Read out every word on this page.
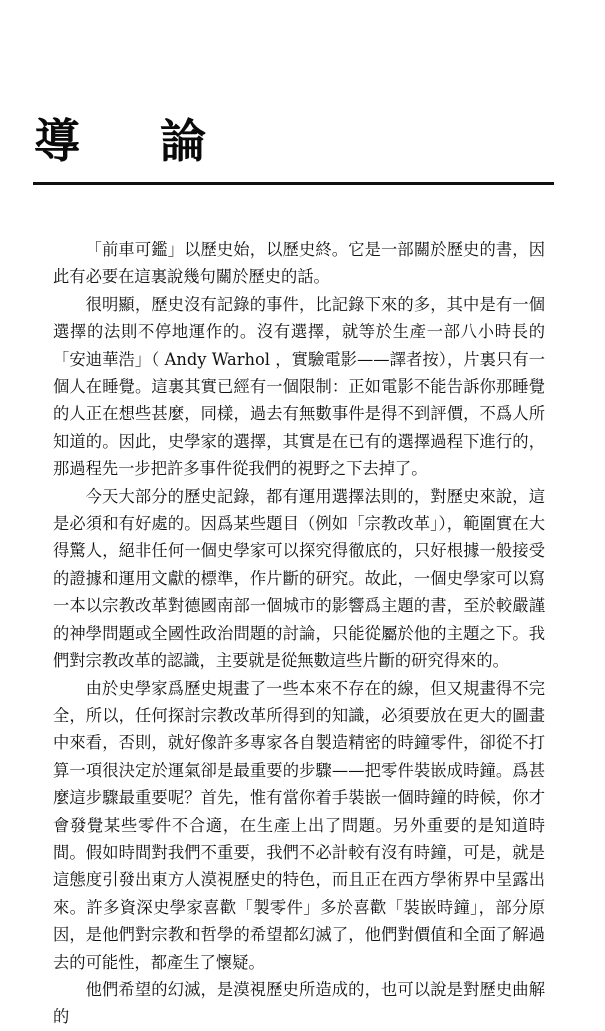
導 論

「前車可鑑」以歷史始，以歷史終。它是一部關於歷史的書，因此有必要在這裏說幾句關於歷史的話。

很明顯，歷史沒有記錄的事件，比記錄下來的多，其中是有一個選擇的法則不停地運作的。沒有選擇，就等於生產一部八小時長的「安迪華浩」（ Andy Warhol ，實驗電影——譯者按），片裏只有一個人在睡覺。這裏其實已經有一個限制：正如電影不能告訴你那睡覺的人正在想些甚麼，同樣，過去有無數事件是得不到評價，不爲人所知道的。因此，史學家的選擇，其實是在已有的選擇過程下進行的，那過程先一步把許多事件從我們的視野之下去掉了。

今天大部分的歷史記錄，都有運用選擇法則的，對歷史來說，這是必須和有好處的。因爲某些題目（例如「宗教改革」），範圍實在大得驚人，絕非任何一個史學家可以探究得徹底的，只好根據一般接受的證據和運用文獻的標準，作片斷的研究。故此，一個史學家可以寫一本以宗教改革對德國南部一個城市的影響爲主題的書，至於較嚴謹的神學問題或全國性政治問題的討論，只能從屬於他的主題之下。我們對宗教改革的認識，主要就是從無數這些片斷的研究得來的。

由於史學家爲歷史規畫了一些本來不存在的線，但又規畫得不完全，所以，任何探討宗教改革所得到的知識，必須要放在更大的圖畫中來看，否則，就好像許多專家各自製造精密的時鐘零件，卻從不打算一項很決定於運氣卻是最重要的步驟——把零件裝嵌成時鐘。爲甚麼這步驟最重要呢？首先，惟有當你着手裝嵌一個時鐘的時候，你才會發覺某些零件不合適，在生產上出了問題。另外重要的是知道時間。假如時間對我們不重要，我們不必計較有沒有時鐘，可是，就是這態度引發出東方人漠視歷史的特色，而且正在西方學術界中呈露出來。許多資深史學家喜歡「製零件」多於喜歡「裝嵌時鐘」，部分原因，是他們對宗教和哲學的希望都幻滅了，他們對價值和全面了解過去的可能性，都產生了懷疑。

他們希望的幻滅，是漠視歷史所造成的，也可以說是對歷史曲解的
